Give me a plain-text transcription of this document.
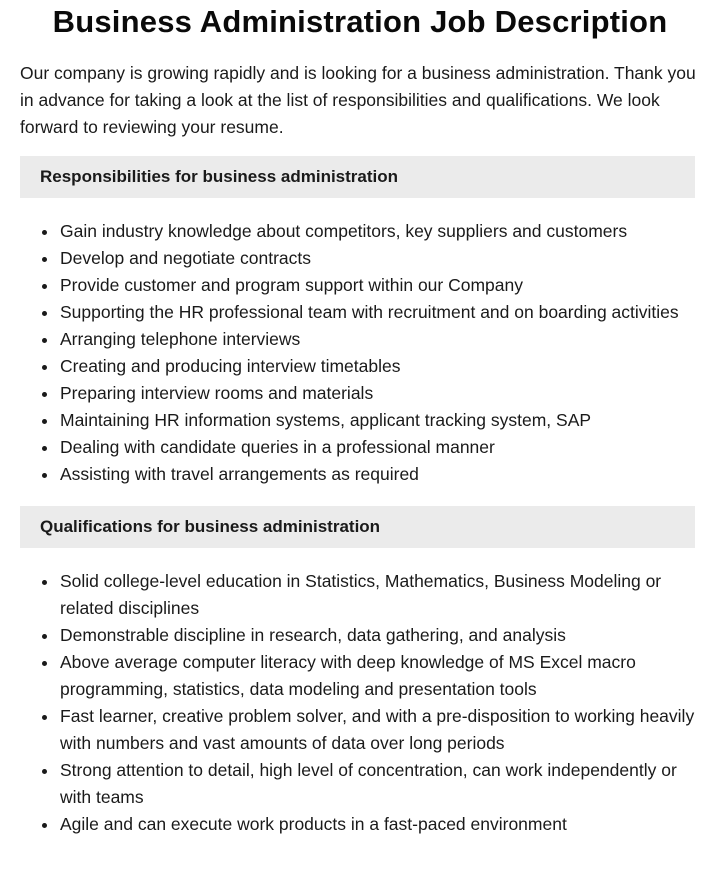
Business Administration Job Description

Our company is growing rapidly and is looking for a business administration. Thank you in advance for taking a look at the list of responsibilities and qualifications. We look forward to reviewing your resume.

Responsibilities for business administration
Gain industry knowledge about competitors, key suppliers and customers
Develop and negotiate contracts
Provide customer and program support within our Company
Supporting the HR professional team with recruitment and on boarding activities
Arranging telephone interviews
Creating and producing interview timetables
Preparing interview rooms and materials
Maintaining HR information systems, applicant tracking system, SAP
Dealing with candidate queries in a professional manner
Assisting with travel arrangements as required
Qualifications for business administration
Solid college-level education in Statistics, Mathematics, Business Modeling or related disciplines
Demonstrable discipline in research, data gathering, and analysis
Above average computer literacy with deep knowledge of MS Excel macro programming, statistics, data modeling and presentation tools
Fast learner, creative problem solver, and with a pre-disposition to working heavily with numbers and vast amounts of data over long periods
Strong attention to detail, high level of concentration, can work independently or with teams
Agile and can execute work products in a fast-paced environment
